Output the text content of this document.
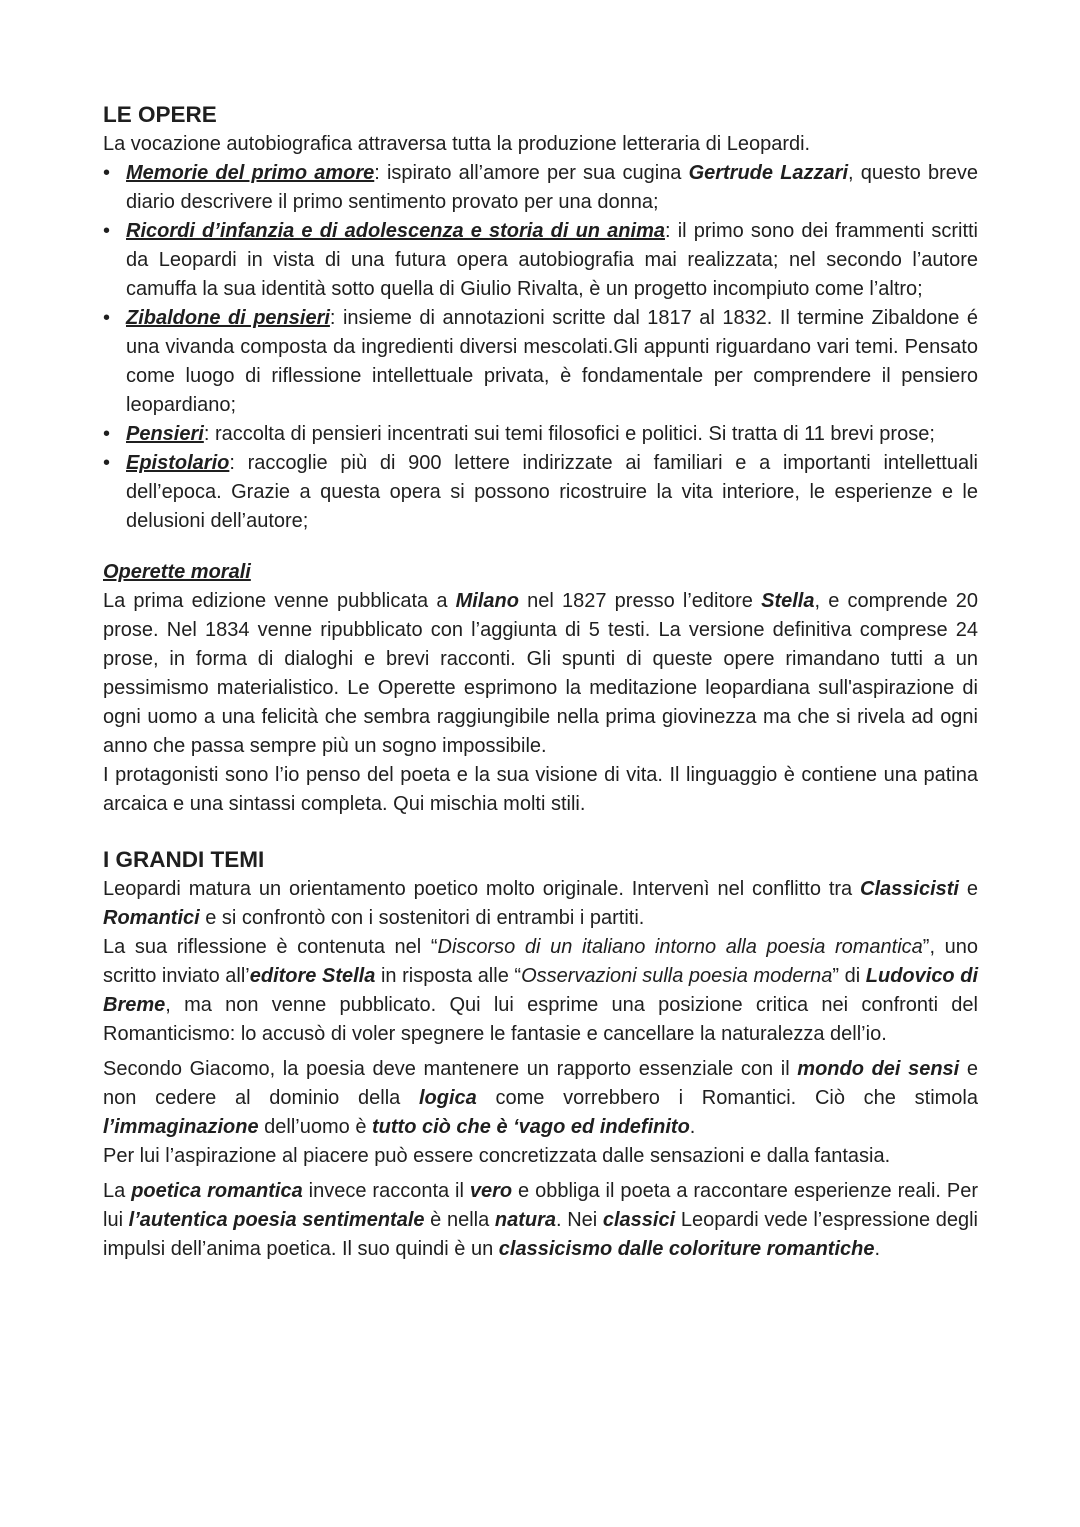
LE OPERE

La vocazione autobiografica attraversa tutta la produzione letteraria di Leopardi.

• Memorie del primo amore: ispirato all’amore per sua cugina Gertrude Lazzari, questo breve diario descrivere il primo sentimento provato per una donna;
• Ricordi d’infanzia e di adolescenza e storia di un anima: il primo sono dei frammenti scritti da Leopardi in vista di una futura opera autobiografia mai realizzata; nel secondo l’autore camuffa la sua identità sotto quella di Giulio Rivalta, è un progetto incompiuto come l’altro;
• Zibaldone di pensieri: insieme di annotazioni scritte dal 1817 al 1832. Il termine Zibaldone é una vivanda composta da ingredienti diversi mescolati.Gli appunti riguardano vari temi. Pensato come luogo di riflessione intellettuale privata, è fondamentale per comprendere il pensiero leopardiano;
• Pensieri: raccolta di pensieri incentrati sui temi filosofici e politici. Si tratta di 11 brevi prose;
• Epistolario: raccoglie più di 900 lettere indirizzate ai familiari e a importanti intellettuali dell’epoca. Grazie a questa opera si possono ricostruire la vita interiore, le esperienze e le delusioni dell’autore;
Operette morali

La prima edizione venne pubblicata a Milano nel 1827 presso l’editore Stella, e comprende 20 prose. Nel 1834 venne ripubblicato con l’aggiunta di 5 testi. La versione definitiva comprese 24 prose, in forma di dialoghi e brevi racconti. Gli spunti di queste opere rimandano tutti a un pessimismo materialistico. Le Operette esprimono la meditazione leopardiana sull'aspirazione di ogni uomo a una felicità che sembra raggiungibile nella prima giovinezza ma che si rivela ad ogni anno che passa sempre più un sogno impossibile.

I protagonisti sono l’io penso del poeta e la sua visione di vita. Il linguaggio è contiene una patina arcaica e una sintassi completa. Qui mischia molti stili.

I GRANDI TEMI

Leopardi matura un orientamento poetico molto originale. Intervenì nel conflitto tra Classicisti e Romantici e si confrontò con i sostenitori di entrambi i partiti.

La sua riflessione è contenuta nel “Discorso di un italiano intorno alla poesia romantica”, uno scritto inviato all’editore Stella in risposta alle “Osservazioni sulla poesia moderna” di Ludovico di Breme, ma non venne pubblicato. Qui lui esprime una posizione critica nei confronti del Romanticismo: lo accusò di voler spegnere le fantasie e cancellare la naturalezza dell’io.

Secondo Giacomo, la poesia deve mantenere un rapporto essenziale con il mondo dei sensi e non cedere al dominio della logica come vorrebbero i Romantici. Ciò che stimola l’immaginazione dell’uomo è tutto ciò che è ‘vago ed indefinito.

Per lui l’aspirazione al piacere può essere concretizzata dalle sensazioni e dalla fantasia.

La poetica romantica invece racconta il vero e obbliga il poeta a raccontare esperienze reali. Per lui l’autentica poesia sentimentale è nella natura. Nei classici Leopardi vede l’espressione degli impulsi dell’anima poetica. Il suo quindi è un classicismo dalle coloriture romantiche.
